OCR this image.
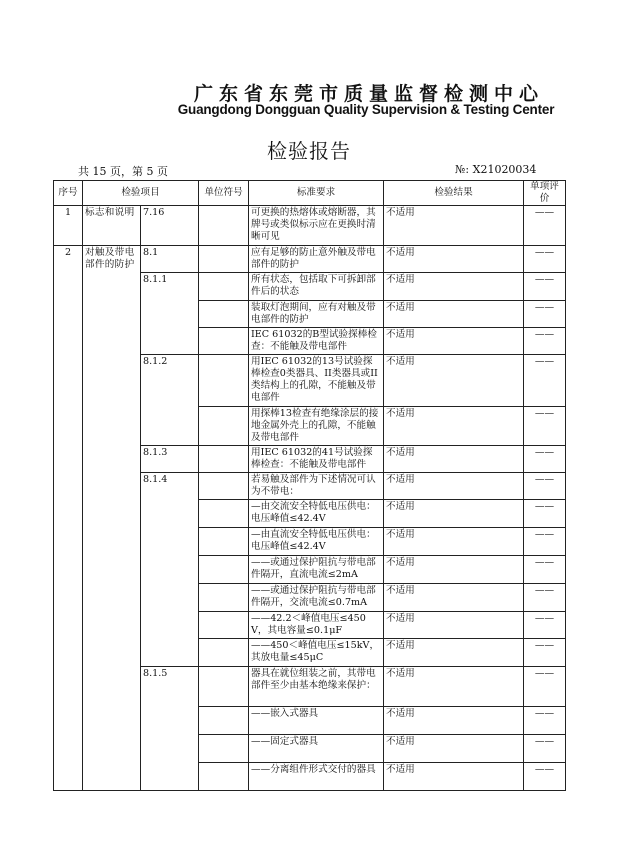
广东省东莞市质量监督检测中心
Guangdong Dongguan Quality Supervision & Testing Center
检验报告
共 15 页，第 5 页	№: X21020034
序号	检验项目		单位符号	标准要求	检验结果	单项评价
1	标志和说明	7.16		可更换的热熔体或熔断器，其牌号或类似标示应在更换时清晰可见	不适用	——
2	对触及带电部件的防护	8.1		应有足够的防止意外触及带电部件的防护	不适用	——
		8.1.1		所有状态，包括取下可拆卸部件后的状态	不适用	——
				装取灯泡期间，应有对触及带电部件的防护	不适用	——
				IEC 61032的B型试验探棒检查：不能触及带电部件	不适用	——
		8.1.2		用IEC 61032的13号试验探棒检查0类器具、II类器具或II类结构上的孔隙，不能触及带电部件	不适用	——
				用探棒13检查有绝缘涂层的接地金属外壳上的孔隙，不能触及带电部件	不适用	——
		8.1.3		用IEC 61032的41号试验探棒检查：不能触及带电部件	不适用	——
		8.1.4		若易触及部件为下述情况可认为不带电：	不适用	——
				—由交流安全特低电压供电：电压峰值≤42.4V	不适用	——
				—由直流安全特低电压供电：电压峰值≤42.4V	不适用	——
				——或通过保护阻抗与带电部件隔开，直流电流≤2mA	不适用	——
				——或通过保护阻抗与带电部件隔开，交流电流≤0.7mA	不适用	——
				——42.2＜峰值电压≤450V，其电容量≤0.1μF	不适用	——
				——450＜峰值电压≤15kV，其放电量≤45μC	不适用	——
		8.1.5		器具在就位组装之前，其带电部件至少由基本绝缘来保护：	不适用	——
				——嵌入式器具	不适用	——
				——固定式器具	不适用	——
				——分离组件形式交付的器具	不适用	——
